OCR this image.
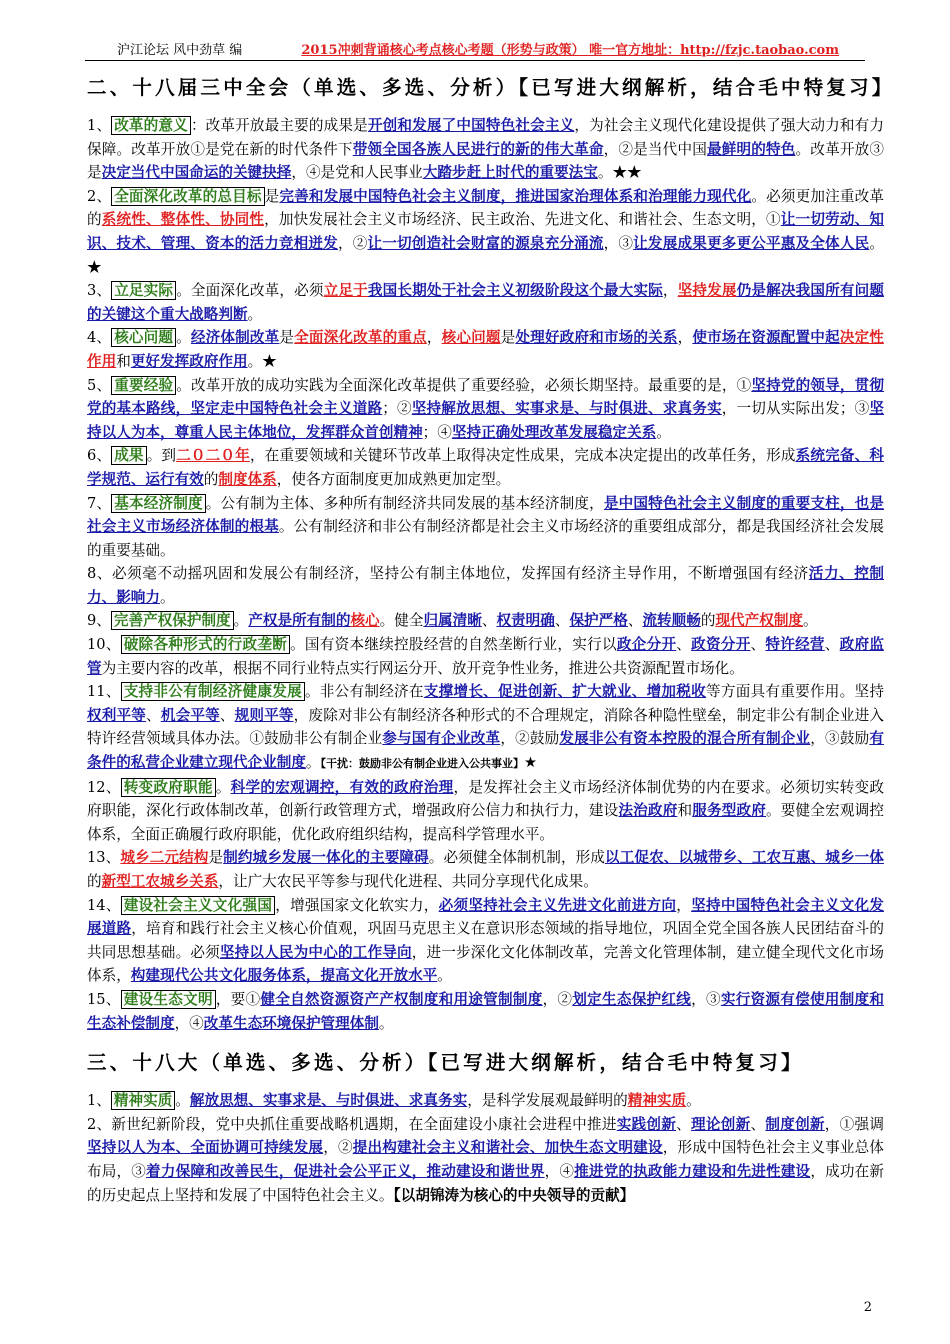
沪江论坛 风中劲草 编	2015冲刺背诵核心考点核心考题（形势与政策） 唯一官方地址：http://fzjc.taobao.com
二、十八届三中全会（单选、多选、分析）【已写进大纲解析，结合毛中特复习】

1、 改革的意义 ：改革开放最主要的成果是开创和发展了中国特色社会主义，为社会主义现代化建设提供了强大动力和有力保障。改革开放①是党在新的时代条件下带领全国各族人民进行的新的伟大革命，②是当代中国最鲜明的特色。改革开放③是决定当代中国命运的关键抉择，④是党和人民事业大踏步赶上时代的重要法宝。★★

2、 全面深化改革的总目标 是完善和发展中国特色社会主义制度，推进国家治理体系和治理能力现代化。必须更加注重改革的系统性、整体性、协同性，加快发展社会主义市场经济、民主政治、先进文化、和谐社会、生态文明，①让一切劳动、知识、技术、管理、资本的活力竞相迸发，②让一切创造社会财富的源泉充分涌流，③让发展成果更多更公平惠及全体人民。★

3、 立足实际 。全面深化改革，必须立足于我国长期处于社会主义初级阶段这个最大实际，坚持发展仍是解决我国所有问题的关键这个重大战略判断。

4、 核心问题 。经济体制改革是全面深化改革的重点，核心问题是处理好政府和市场的关系，使市场在资源配置中起决定性作用和更好发挥政府作用。★

5、 重要经验 。改革开放的成功实践为全面深化改革提供了重要经验，必须长期坚持。最重要的是，①坚持党的领导，贯彻党的基本路线，坚定走中国特色社会主义道路；②坚持解放思想、实事求是、与时俱进、求真务实，一切从实际出发；③坚持以人为本，尊重人民主体地位，发挥群众首创精神；④坚持正确处理改革发展稳定关系。

6、 成果 。到二０二０年，在重要领域和关键环节改革上取得决定性成果，完成本决定提出的改革任务，形成系统完备、科学规范、运行有效的制度体系，使各方面制度更加成熟更加定型。

7、 基本经济制度 。公有制为主体、多种所有制经济共同发展的基本经济制度，是中国特色社会主义制度的重要支柱，也是社会主义市场经济体制的根基。公有制经济和非公有制经济都是社会主义市场经济的重要组成部分，都是我国经济社会发展的重要基础。

8、必须毫不动摇巩固和发展公有制经济，坚持公有制主体地位，发挥国有经济主导作用，不断增强国有经济活力、控制力、影响力。

9、 完善产权保护制度 。产权是所有制的核心。健全归属清晰、权责明确、保护严格、流转顺畅的现代产权制度。

10、 破除各种形式的行政垄断 。国有资本继续控股经营的自然垄断行业，实行以政企分开、政资分开、特许经营、政府监管为主要内容的改革，根据不同行业特点实行网运分开、放开竞争性业务，推进公共资源配置市场化。

11、 支持非公有制经济健康发展 。非公有制经济在支撑增长、促进创新、扩大就业、增加税收等方面具有重要作用。坚持权利平等、机会平等、规则平等，废除对非公有制经济各种形式的不合理规定，消除各种隐性壁垒，制定非公有制企业进入特许经营领域具体办法。①鼓励非公有制企业参与国有企业改革，②鼓励发展非公有资本控股的混合所有制企业，③鼓励有条件的私营企业建立现代企业制度。【干扰：鼓励非公有制企业进入公共事业】★

12、 转变政府职能 。科学的宏观调控，有效的政府治理，是发挥社会主义市场经济体制优势的内在要求。必须切实转变政府职能，深化行政体制改革，创新行政管理方式，增强政府公信力和执行力，建设法治政府和服务型政府。要健全宏观调控体系，全面正确履行政府职能，优化政府组织结构，提高科学管理水平。

13、城乡二元结构是制约城乡发展一体化的主要障碍。必须健全体制机制，形成以工促农、以城带乡、工农互惠、城乡一体的新型工农城乡关系，让广大农民平等参与现代化进程、共同分享现代化成果。

14、 建设社会主义文化强国 ，增强国家文化软实力，必须坚持社会主义先进文化前进方向，坚持中国特色社会主义文化发展道路，培育和践行社会主义核心价值观，巩固马克思主义在意识形态领域的指导地位，巩固全党全国各族人民团结奋斗的共同思想基础。必须坚持以人民为中心的工作导向，进一步深化文化体制改革，完善文化管理体制，建立健全现代文化市场体系，构建现代公共文化服务体系，提高文化开放水平。

15、 建设生态文明 ，要①健全自然资源资产产权制度和用途管制制度，②划定生态保护红线，③实行资源有偿使用制度和生态补偿制度，④改革生态环境保护管理体制。

三、十八大（单选、多选、分析）【已写进大纲解析，结合毛中特复习】

1、 精神实质 。解放思想、实事求是、与时俱进、求真务实，是科学发展观最鲜明的精神实质。

2、新世纪新阶段，党中央抓住重要战略机遇期，在全面建设小康社会进程中推进实践创新、理论创新、制度创新，①强调坚持以人为本、全面协调可持续发展，②提出构建社会主义和谐社会、加快生态文明建设，形成中国特色社会主义事业总体布局，③着力保障和改善民生，促进社会公平正义，推动建设和谐世界，④推进党的执政能力建设和先进性建设，成功在新的历史起点上坚持和发展了中国特色社会主义。【以胡锦涛为核心的中央领导的贡献】

2
